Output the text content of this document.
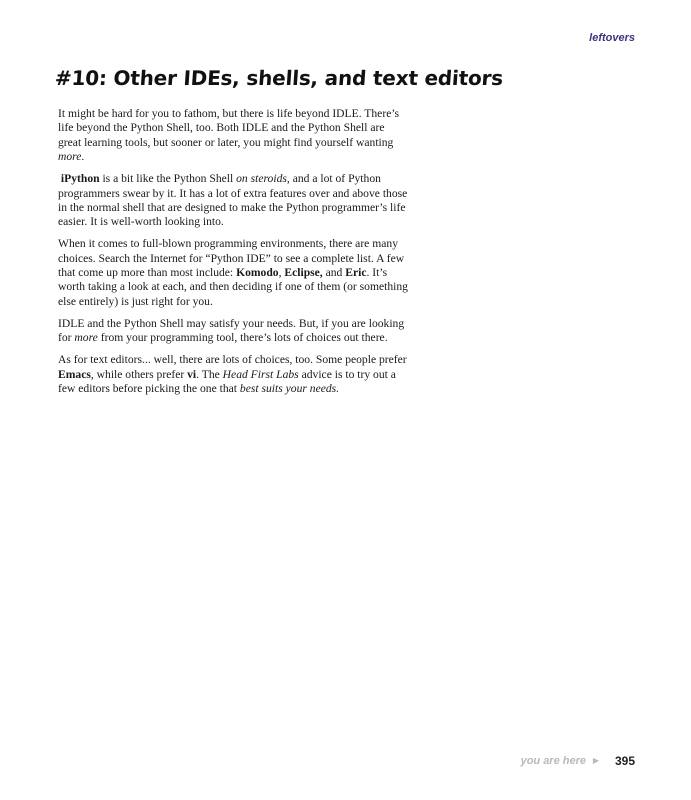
leftovers
#10: Other IDEs, shells, and text editors

It might be hard for you to fathom, but there is life beyond IDLE. There’s life beyond the Python Shell, too. Both IDLE and the Python Shell are great learning tools, but sooner or later, you might find yourself wanting more.

iPython is a bit like the Python Shell on steroids, and a lot of Python programmers swear by it. It has a lot of extra features over and above those in the normal shell that are designed to make the Python programmer’s life easier. It is well-worth looking into.

When it comes to full-blown programming environments, there are many choices. Search the Internet for “Python IDE” to see a complete list. A few that come up more than most include: Komodo, Eclipse, and Eric. It’s worth taking a look at each, and then deciding if one of them (or something else entirely) is just right for you.

IDLE and the Python Shell may satisfy your needs. But, if you are looking for more from your programming tool, there’s lots of choices out there.

As for text editors... well, there are lots of choices, too. Some people prefer Emacs, while others prefer vi. The Head First Labs advice is to try out a few editors before picking the one that best suits your needs.

you are here ▶ 395
